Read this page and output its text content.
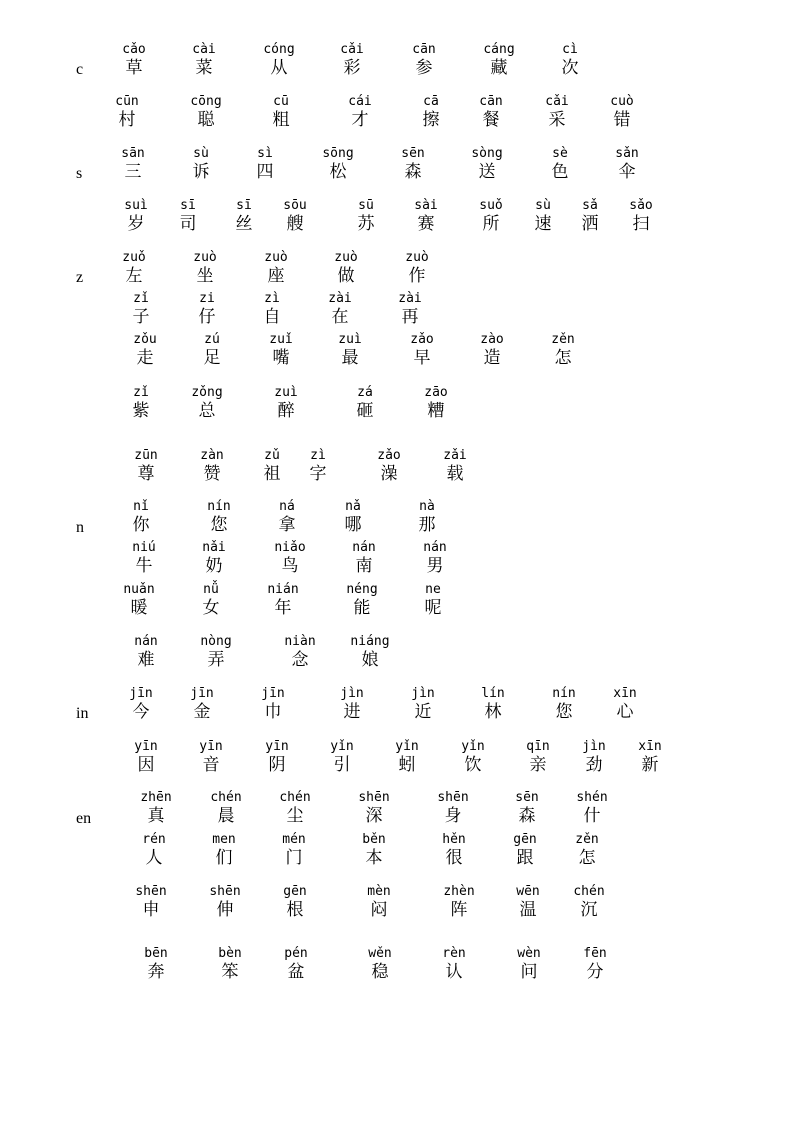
c
cǎo
草
cài
菜
cóng
从
cǎi
彩
cān
参
cáng
藏
cì
次
cūn
村
cōng
聪
cū
粗
cái
才
cā
擦
cān
餐
cǎi
采
cuò
错
s
sān
三
sù
诉
sì
四
sōng
松
sēn
森
sòng
送
sè
色
sǎn
伞
suì
岁
sī
司
sī
丝
sōu
艘
sū
苏
sài
赛
suǒ
所
sù
速
sǎ
洒
sǎo
扫
z
zuǒ
左
zuò
坐
zuò
座
zuò
做
zuò
作
zǐ
子
zi
仔
zì
自
zài
在
zài
再
zǒu
走
zú
足
zuǐ
嘴
zuì
最
zǎo
早
zào
造
zěn
怎
zǐ
紫
zǒng
总
zuì
醉
zá
砸
zāo
糟
zūn
尊
zàn
赞
zǔ
祖
zì
字
zǎo
澡
zǎi
载
n
nǐ
你
nín
您
ná
拿
nǎ
哪
nà
那
niú
牛
nǎi
奶
niǎo
鸟
nán
南
nán
男
nuǎn
暖
nǚ
女
nián
年
néng
能
ne
呢
nán
难
nòng
弄
niàn
念
niáng
娘
in
jīn
今
jīn
金
jīn
巾
jìn
进
jìn
近
lín
林
nín
您
xīn
心
yīn
因
yīn
音
yīn
阴
yǐn
引
yǐn
蚓
yǐn
饮
qīn
亲
jìn
劲
xīn
新
en
zhēn
真
chén
晨
chén
尘
shēn
深
shēn
身
sēn
森
shén
什
rén
人
men
们
mén
门
běn
本
hěn
很
gēn
跟
zěn
怎
shēn
申
shēn
伸
gēn
根
mèn
闷
zhèn
阵
wēn
温
chén
沉
bēn
奔
bèn
笨
pén
盆
wěn
稳
rèn
认
wèn
问
fēn
分
